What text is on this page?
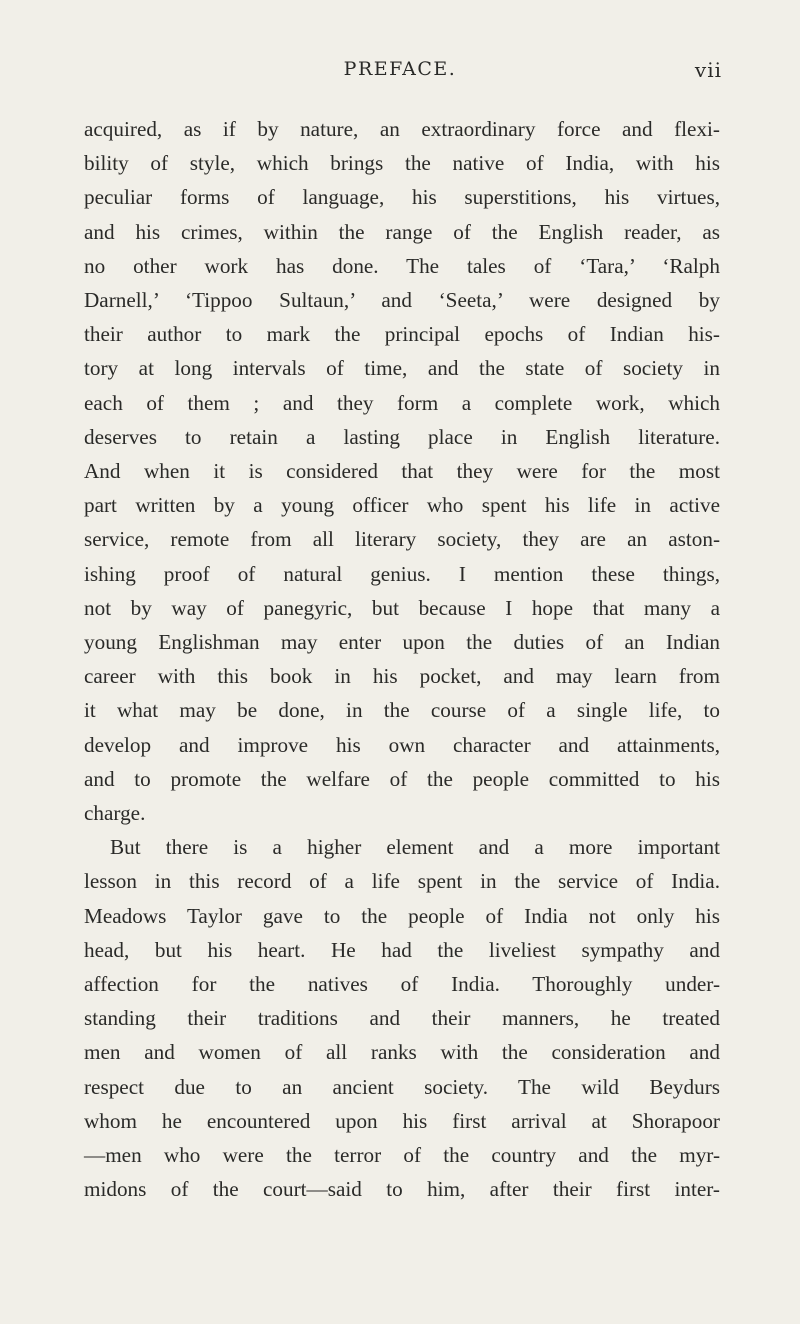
PREFACE.	vii
acquired, as if by nature, an extraordinary force and flexi-
bility of style, which brings the native of India, with his
peculiar forms of language, his superstitions, his virtues,
and his crimes, within the range of the English reader, as
no other work has done. The tales of ‘Tara,’ ‘Ralph
Darnell,’ ‘Tippoo Sultaun,’ and ‘Seeta,’ were designed by
their author to mark the principal epochs of Indian his-
tory at long intervals of time, and the state of society in
each of them ; and they form a complete work, which
deserves to retain a lasting place in English literature.
And when it is considered that they were for the most
part written by a young officer who spent his life in active
service, remote from all literary society, they are an aston-
ishing proof of natural genius. I mention these things,
not by way of panegyric, but because I hope that many a
young Englishman may enter upon the duties of an Indian
career with this book in his pocket, and may learn from
it what may be done, in the course of a single life, to
develop and improve his own character and attainments,
and to promote the welfare of the people committed to his
charge.
But there is a higher element and a more important
lesson in this record of a life spent in the service of India.
Meadows Taylor gave to the people of India not only his
head, but his heart. He had the liveliest sympathy and
affection for the natives of India. Thoroughly under-
standing their traditions and their manners, he treated
men and women of all ranks with the consideration and
respect due to an ancient society. The wild Beydurs
whom he encountered upon his first arrival at Shorapoor
—men who were the terror of the country and the myr-
midons of the court—said to him, after their first inter-
